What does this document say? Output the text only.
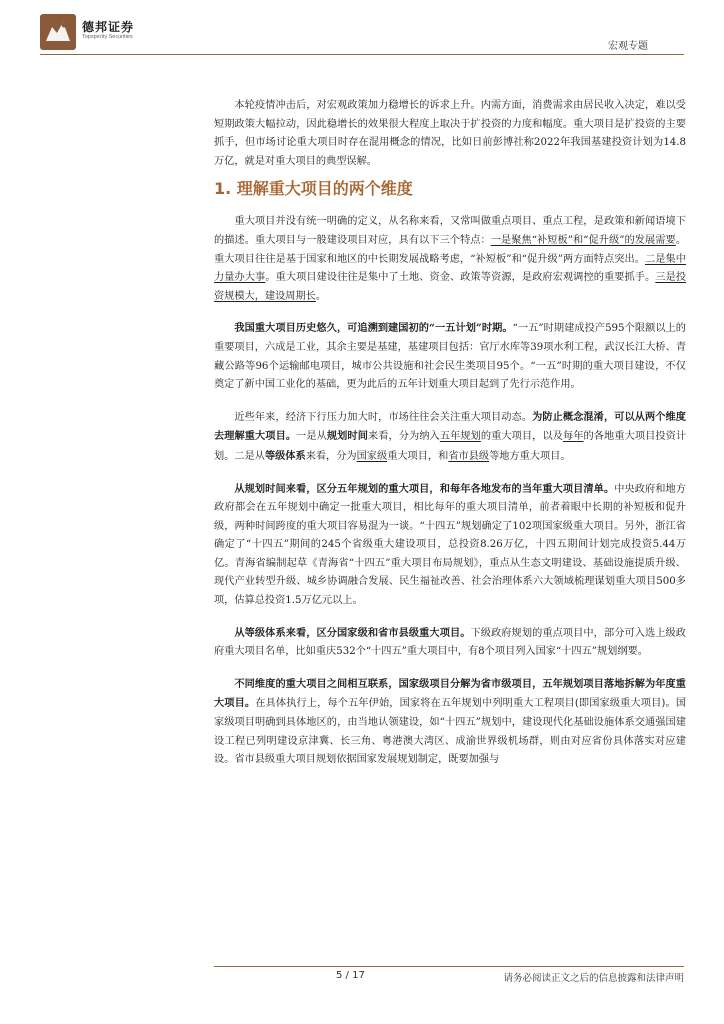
德邦证券
Topsperity Securities
宏观专题

本轮疫情冲击后，对宏观政策加力稳增长的诉求上升。内需方面，消费需求由居民收入决定，难以受短期政策大幅拉动，因此稳增长的效果很大程度上取决于扩投资的力度和幅度。重大项目是扩投资的主要抓手，但市场讨论重大项目时存在混用概念的情况，比如日前彭博社称2022年我国基建投资计划为14.8万亿，就是对重大项目的典型误解。

1. 理解重大项目的两个维度

重大项目并没有统一明确的定义，从名称来看，又常叫做重点项目、重点工程，是政策和新闻语境下的描述。重大项目与一般建设项目对应，具有以下三个特点：一是聚焦“补短板”和“促升级”的发展需要。重大项目往往是基于国家和地区的中长期发展战略考虑，“补短板”和“促升级”两方面特点突出。二是集中力量办大事。重大项目建设往往是集中了土地、资金、政策等资源，是政府宏观调控的重要抓手。三是投资规模大，建设周期长。

我国重大项目历史悠久，可追溯到建国初的“一五计划”时期。“一五”时期建成投产595个限额以上的重要项目，六成是工业，其余主要是基建，基建项目包括：官厅水库等39项水利工程，武汉长江大桥、青藏公路等96个运输邮电项目，城市公共设施和社会民生类项目95个。“一五”时期的重大项目建设，不仅奠定了新中国工业化的基础，更为此后的五年计划重大项目起到了先行示范作用。

近些年来，经济下行压力加大时，市场往往会关注重大项目动态。为防止概念混淆，可以从两个维度去理解重大项目。一是从规划时间来看，分为纳入五年规划的重大项目，以及每年的各地重大项目投资计划。二是从等级体系来看，分为国家级重大项目，和省市县级等地方重大项目。

从规划时间来看，区分五年规划的重大项目，和每年各地发布的当年重大项目清单。中央政府和地方政府都会在五年规划中确定一批重大项目，相比每年的重大项目清单，前者着眼中长期的补短板和促升级，两种时间跨度的重大项目容易混为一谈。“十四五”规划确定了102项国家级重大项目。另外，浙江省确定了“十四五”期间的245个省级重大建设项目，总投资8.26万亿，十四五期间计划完成投资5.44万亿。青海省编制起草《青海省“十四五”重大项目布局规划》，重点从生态文明建设、基础设施提质升级、现代产业转型升级、城乡协调融合发展、民生福祉改善、社会治理体系六大领域梳理谋划重大项目500多项，估算总投资1.5万亿元以上。

从等级体系来看，区分国家级和省市县级重大项目。下级政府规划的重点项目中，部分可入选上级政府重大项目名单，比如重庆532个“十四五”重大项目中，有8个项目列入国家“十四五”规划纲要。

不同维度的重大项目之间相互联系，国家级项目分解为省市级项目，五年规划项目落地拆解为年度重大项目。在具体执行上，每个五年伊始，国家将在五年规划中列明重大工程项目(即国家级重大项目)。国家级项目明确到具体地区的，由当地认领建设，如“十四五”规划中，建设现代化基础设施体系交通强国建设工程已列明建设京津冀、长三角、粤港澳大湾区、成渝世界级机场群，则由对应省份具体落实对应建设。省市县级重大项目规划依据国家发展规划制定，既要加强与

5 / 17	请务必阅读正文之后的信息披露和法律声明
